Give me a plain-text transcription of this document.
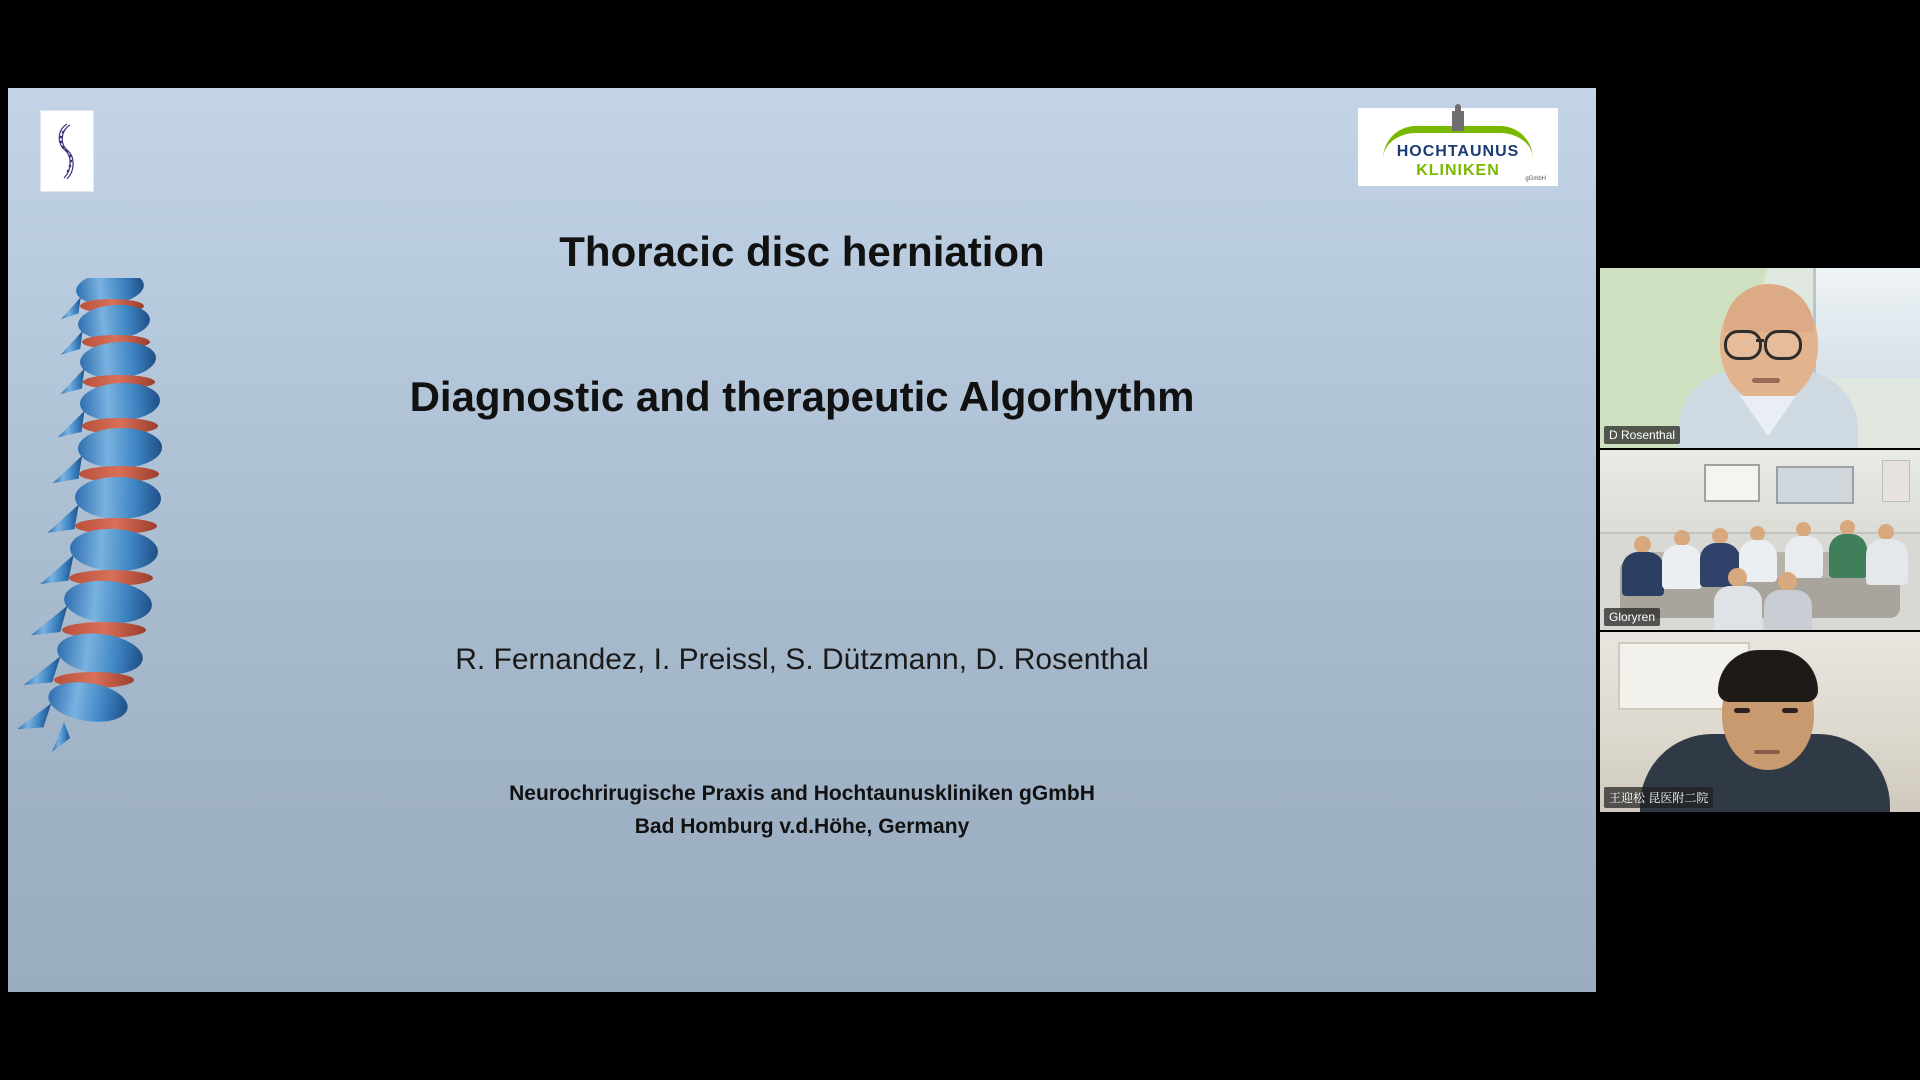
HOCHTAUNUS
KLINIKEN	gGmbH
Thoracic disc herniation
Diagnostic and therapeutic Algorhythm
R. Fernandez, I. Preissl, S. Dützmann, D. Rosenthal
Neurochrirugische Praxis and Hochtaunuskliniken gGmbH
Bad Homburg v.d.Höhe, Germany
D Rosenthal
Gloryren
王迎松 昆医附二院
